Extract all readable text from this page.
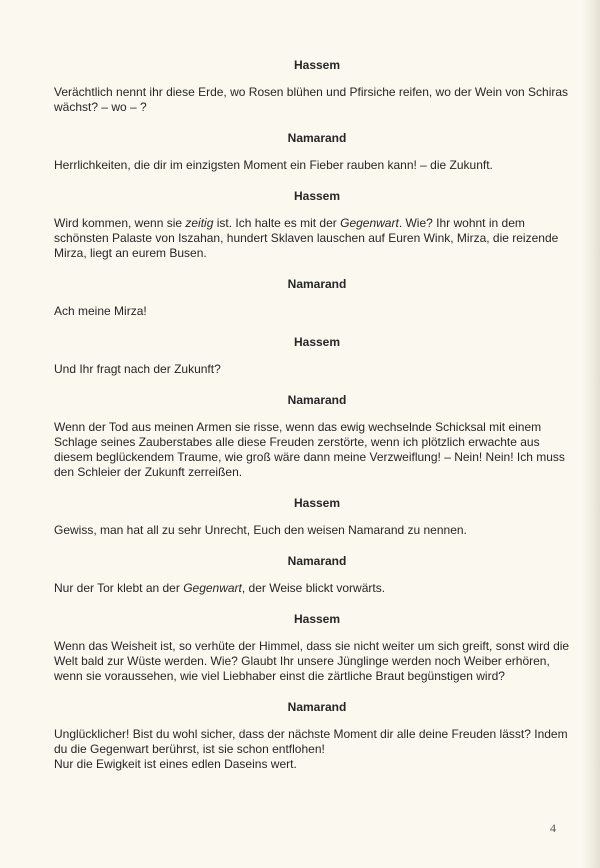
Hassem
Verächtlich nennt ihr diese Erde, wo Rosen blühen und Pfirsiche reifen, wo der Wein von Schiras wächst? – wo – ?
Namarand
Herrlichkeiten, die dir im einzigsten Moment ein Fieber rauben kann! – die Zukunft.
Hassem
Wird kommen, wenn sie zeitig ist. Ich halte es mit der Gegenwart. Wie? Ihr wohnt in dem schönsten Palaste von Iszahan, hundert Sklaven lauschen auf Euren Wink, Mirza, die reizende Mirza, liegt an eurem Busen.
Namarand
Ach meine Mirza!
Hassem
Und Ihr fragt nach der Zukunft?
Namarand
Wenn der Tod aus meinen Armen sie risse, wenn das ewig wechselnde Schicksal mit einem Schlage seines Zauberstabes alle diese Freuden zerstörte, wenn ich plötzlich erwachte aus diesem beglückendem Traume, wie groß wäre dann meine Verzweiflung! – Nein! Nein! Ich muss den Schleier der Zukunft zerreißen.
Hassem
Gewiss, man hat all zu sehr Unrecht, Euch den weisen Namarand zu nennen.
Namarand
Nur der Tor klebt an der Gegenwart, der Weise blickt vorwärts.
Hassem
Wenn das Weisheit ist, so verhüte der Himmel, dass sie nicht weiter um sich greift, sonst wird die Welt bald zur Wüste werden. Wie? Glaubt Ihr unsere Jünglinge werden noch Weiber erhören, wenn sie voraussehen, wie viel Liebhaber einst die zärtliche Braut begünstigen wird?
Namarand
Unglücklicher! Bist du wohl sicher, dass der nächste Moment dir alle deine Freuden lässt? Indem du die Gegenwart berührst, ist sie schon entflohen!
Nur die Ewigkeit ist eines edlen Daseins wert.
4
